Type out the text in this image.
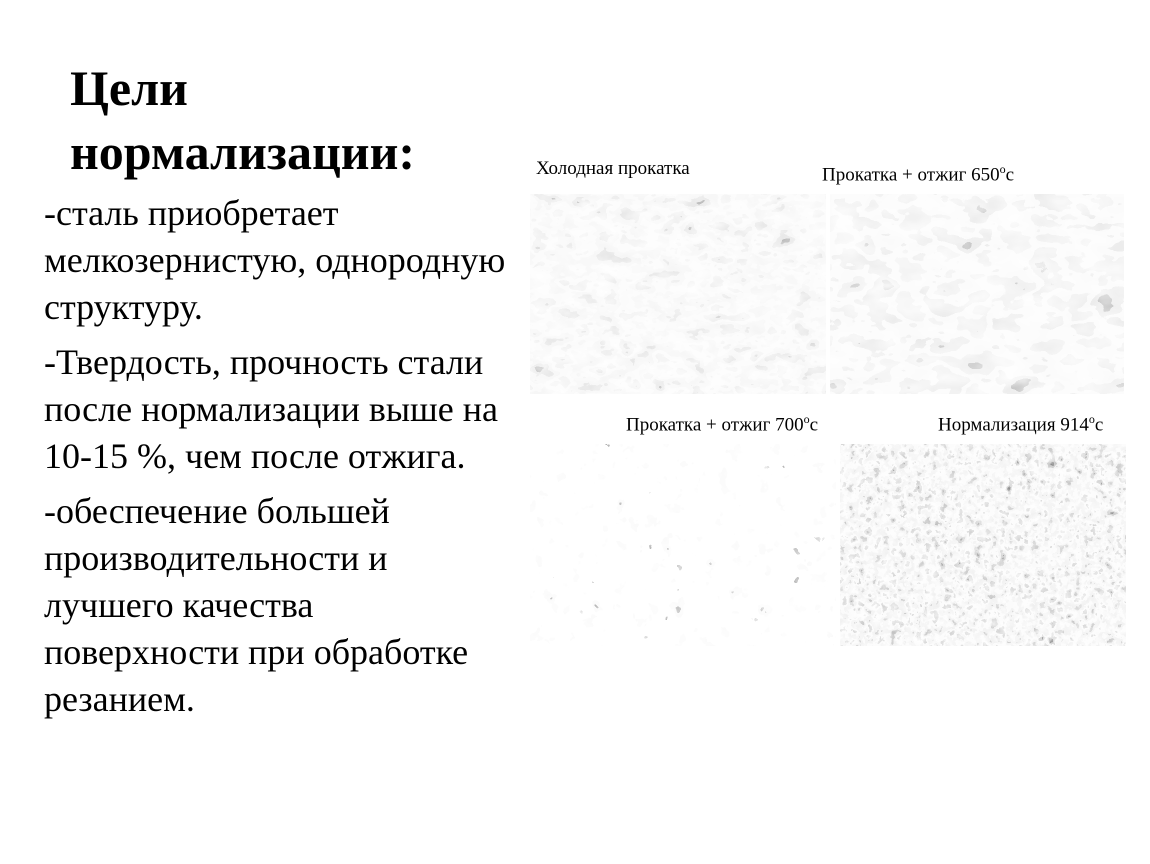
Цели нормализации:

-сталь приобретает мелкозернистую, однородную структуру.

-Твердость, прочность стали после нормализации выше на 10-15 %, чем после отжига.

-обеспечение большей производительности и лучшего качества поверхности при обработке резанием.

Холодная прокатка	Прокатка + отжиг $650^ос$
Прокатка + отжиг $700^ос$	Нормализация $914^ос$
